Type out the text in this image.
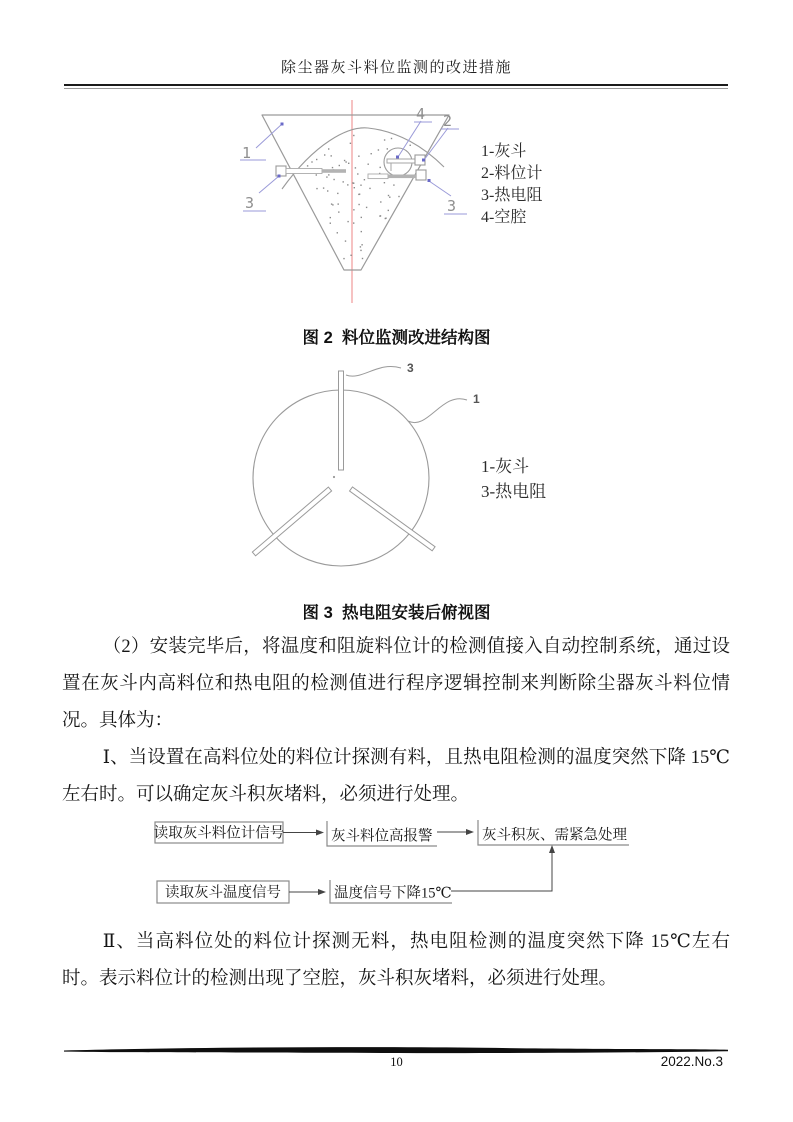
除尘器灰斗料位监测的改进措施
1
3
4 2
3
1-灰斗
2-料位计
3-热电阻
4-空腔
图 2  料位监测改进结构图
3
1
1-灰斗
3-热电阻
图 3  热电阻安装后俯视图

（2）安装完毕后，将温度和阻旋料位计的检测值接入自动控制系统，通过设置在灰斗内高料位和热电阻的检测值进行程序逻辑控制来判断除尘器灰斗料位情况。具体为：

Ⅰ、当设置在高料位处的料位计探测有料，且热电阻检测的温度突然下降 15℃左右时。可以确定灰斗积灰堵料，必须进行处理。

读取灰斗料位计信号	灰斗料位高报警	灰斗积灰、需紧急处理
读取灰斗温度信号	温度信号下降15℃

Ⅱ、当高料位处的料位计探测无料，热电阻检测的温度突然下降 15℃左右时。表示料位计的检测出现了空腔，灰斗积灰堵料，必须进行处理。

10	2022.No.3
